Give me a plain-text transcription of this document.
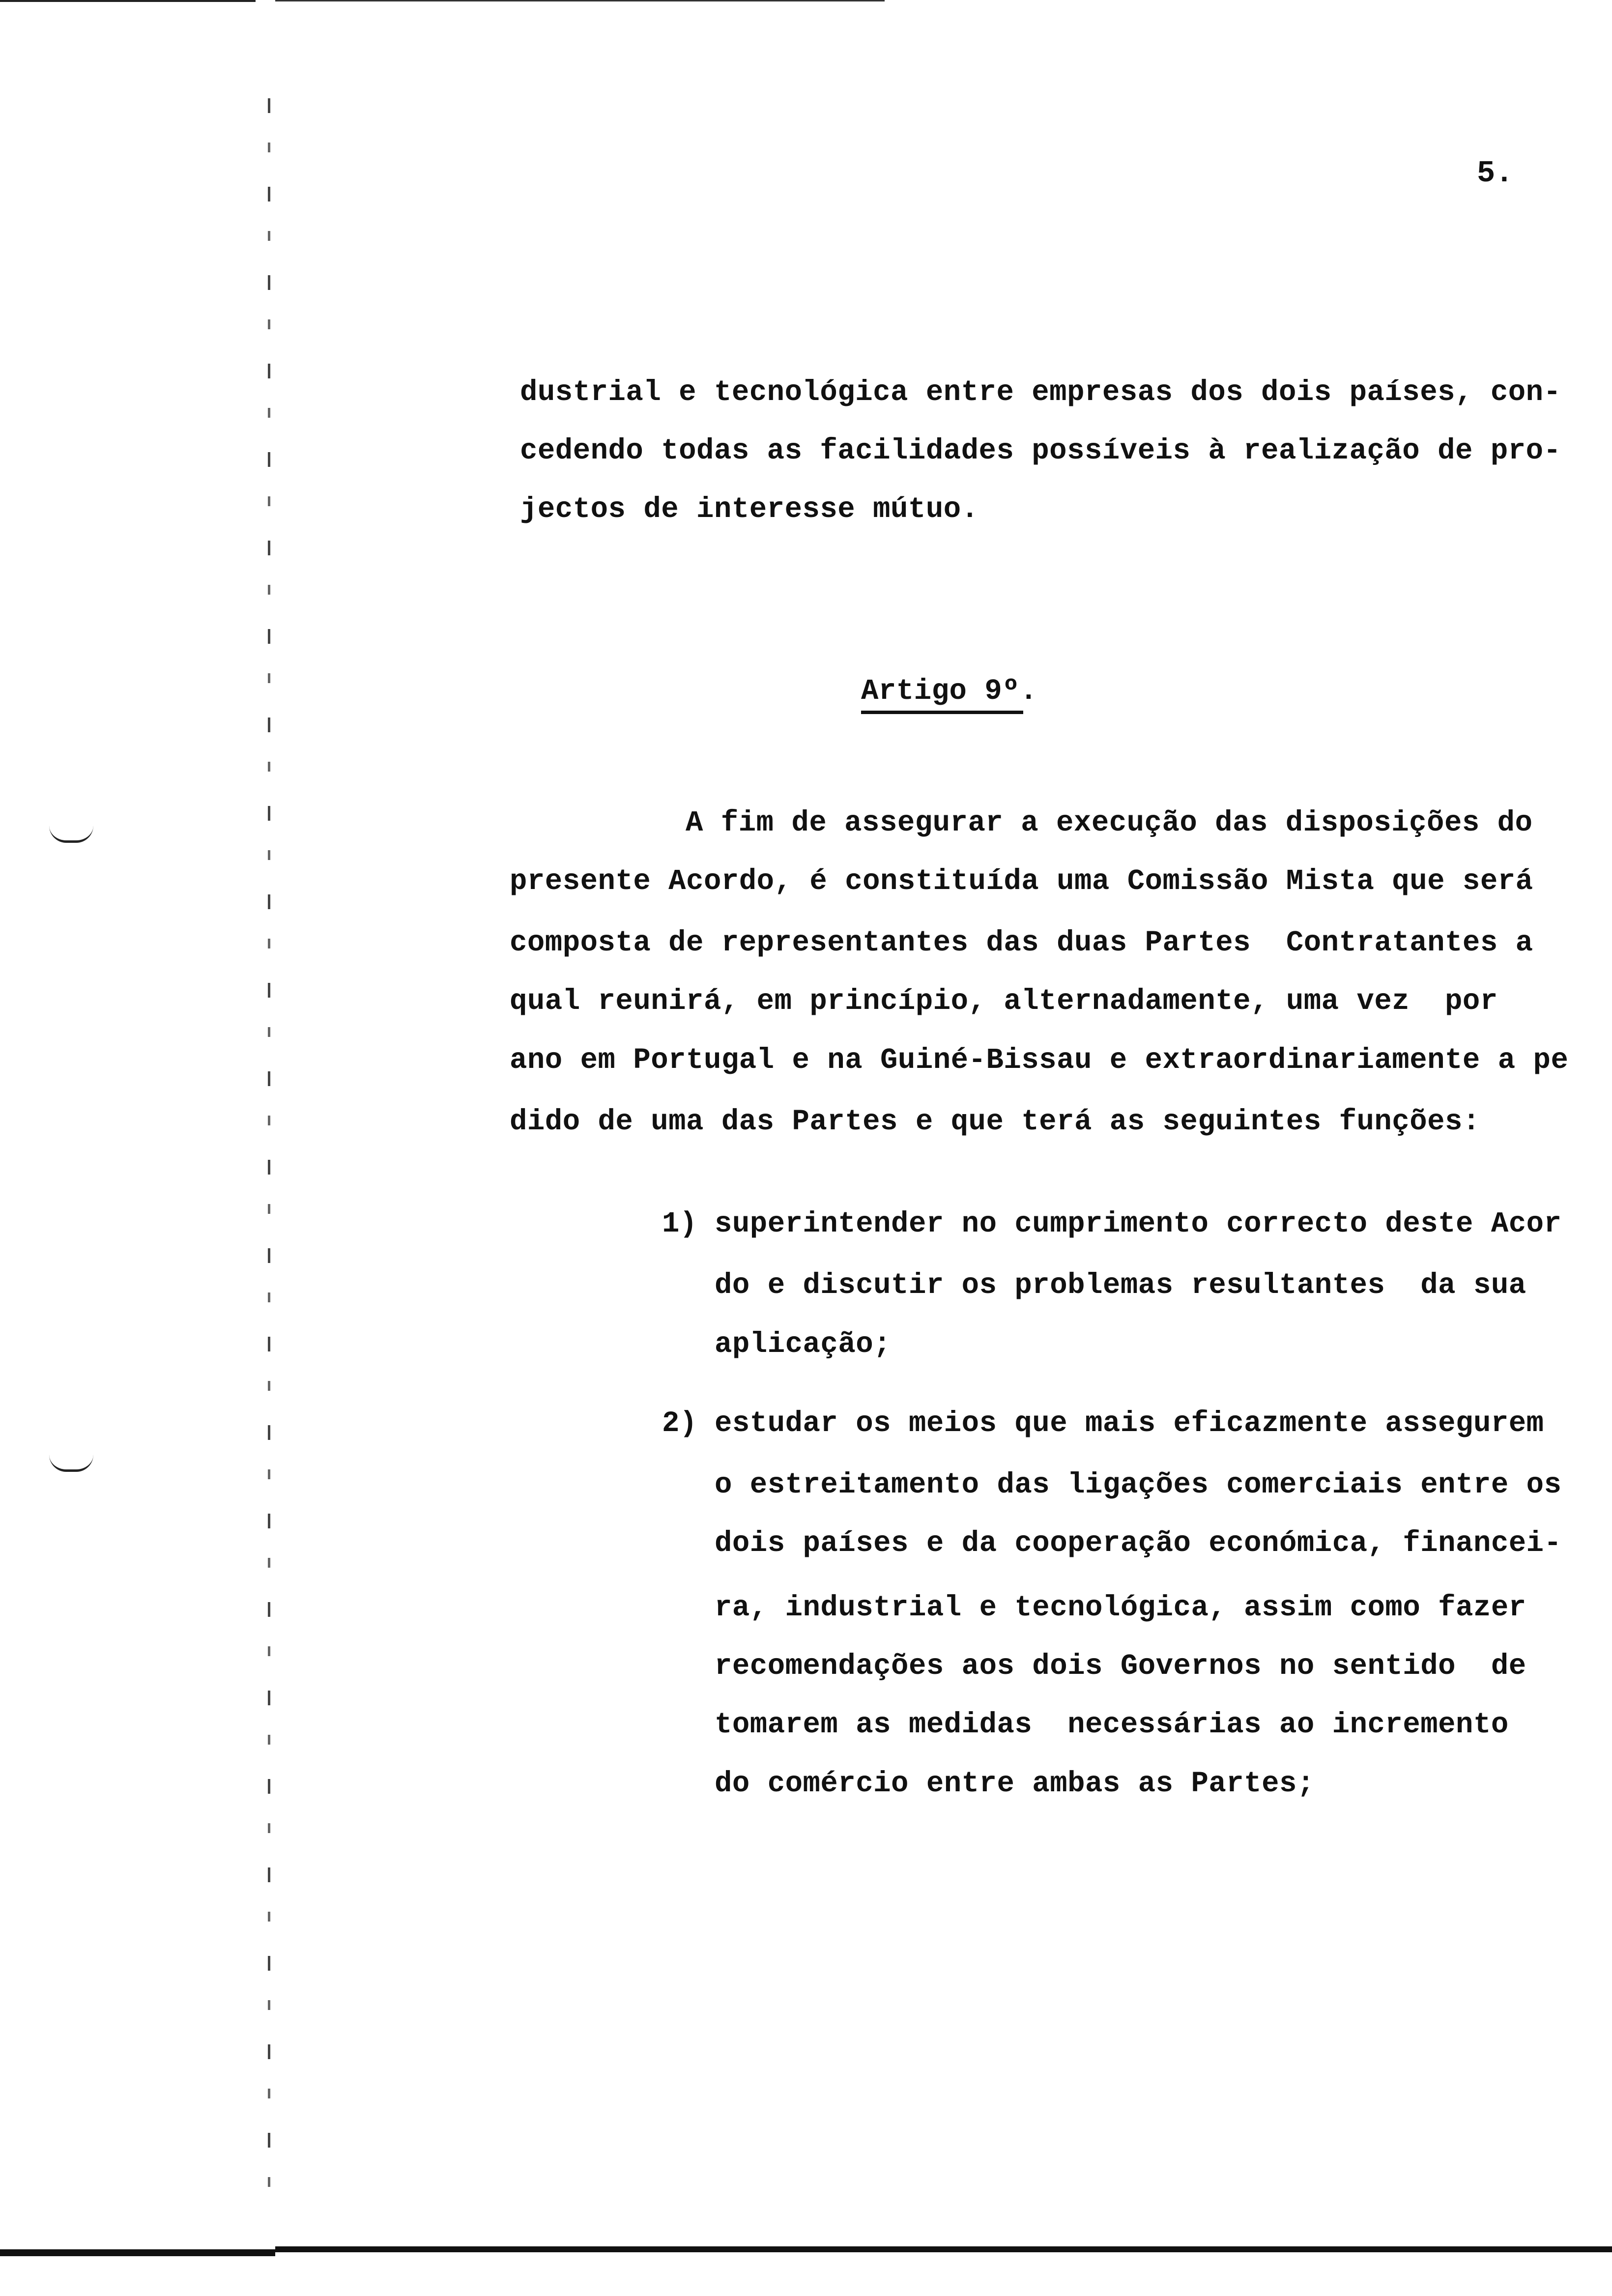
5.
dustrial e tecnológica entre empresas dos dois países, con-
cedendo todas as facilidades possíveis à realização de pro-
jectos de interesse mútuo.
Artigo 9º.
A fim de assegurar a execução das disposições do
presente Acordo, é constituída uma Comissão Mista que será
composta de representantes das duas Partes  Contratantes a
qual reunirá, em princípio, alternadamente, uma vez  por
ano em Portugal e na Guiné-Bissau e extraordinariamente a pe
dido de uma das Partes e que terá as seguintes funções:
1) superintender no cumprimento correcto deste Acor
do e discutir os problemas resultantes  da sua
aplicação;
2) estudar os meios que mais eficazmente assegurem
o estreitamento das ligações comerciais entre os
dois países e da cooperação económica, financei-
ra, industrial e tecnológica, assim como fazer
recomendações aos dois Governos no sentido  de
tomarem as medidas  necessárias ao incremento
do comércio entre ambas as Partes;
